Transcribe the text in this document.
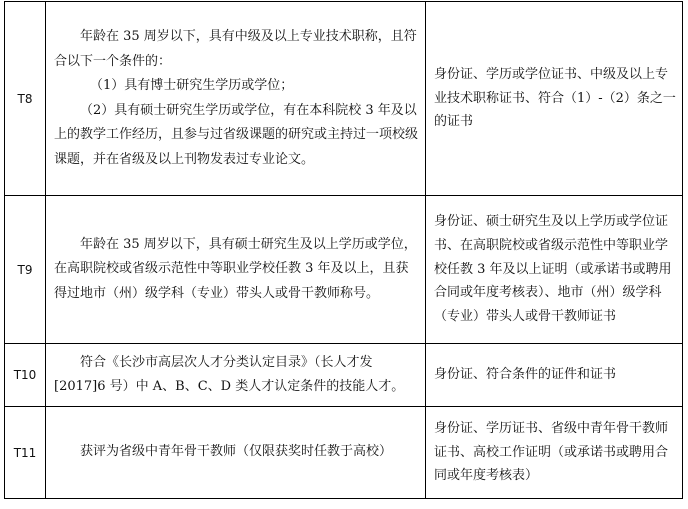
T8	年龄在 35 周岁以下，具有中级及以上专业技术职称，且符合以下一个条件的：

（1）具有博士研究生学历或学位；

（2）具有硕士研究生学历或学位，有在本科院校 3 年及以上的教学工作经历，且参与过省级课题的研究或主持过一项校级课题，并在省级及以上刊物发表过专业论文。	身份证、学历或学位证书、中级及以上专业技术职称证书、符合（1）-（2）条之一的证书

T9	年龄在 35 周岁以下，具有硕士研究生及以上学历或学位，在高职院校或省级示范性中等职业学校任教 3 年及以上，且获得过地市（州）级学科（专业）带头人或骨干教师称号。	身份证、硕士研究生及以上学历或学位证书、在高职院校或省级示范性中等职业学校任教 3 年及以上证明（或承诺书或聘用合同或年度考核表）、地市（州）级学科（专业）带头人或骨干教师证书

T10	符合《长沙市高层次人才分类认定目录》（长人才发[2017]6 号）中 A、B、C、D 类人才认定条件的技能人才。	身份证、符合条件的证件和证书

T11	获评为省级中青年骨干教师（仅限获奖时任教于高校）	身份证、学历证书、省级中青年骨干教师证书、高校工作证明（或承诺书或聘用合同或年度考核表）
